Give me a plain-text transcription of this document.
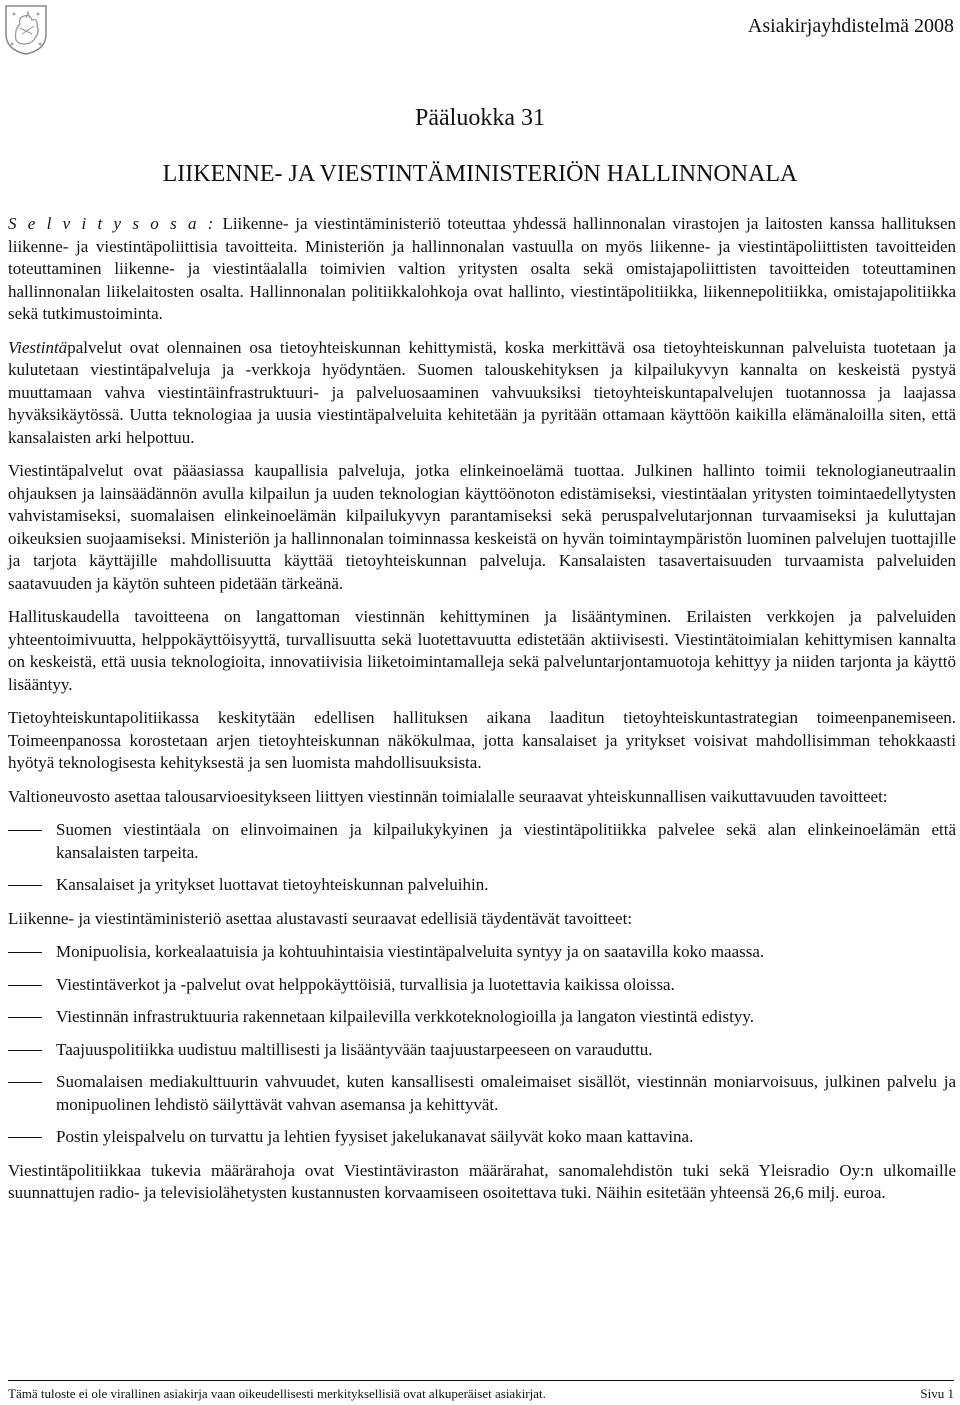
Asiakirjayhdistelmä 2008
Pääluokka 31
LIIKENNE- JA VIESTINTÄMINISTERIÖN HALLINNONALA

S e l v i t y s o s a : Liikenne- ja viestintäministeriö toteuttaa yhdessä hallinnonalan virastojen ja laitosten kanssa hallituksen liikenne- ja viestintäpoliittisia tavoitteita. Ministeriön ja hallinnonalan vastuulla on myös liikenne- ja viestintäpoliittisten tavoitteiden toteuttaminen liikenne- ja viestintäalalla toimivien valtion yritysten osalta sekä omistajapoliittisten tavoitteiden toteuttaminen hallinnonalan liikelaitosten osalta. Hallinnonalan politiikkalohkoja ovat hallinto, viestintäpolitiikka, liikennepolitiikka, omistajapolitiikka sekä tutkimustoiminta.

Viestintäpalvelut ovat olennainen osa tietoyhteiskunnan kehittymistä, koska merkittävä osa tietoyhteiskunnan palveluista tuotetaan ja kulutetaan viestintäpalveluja ja -verkkoja hyödyntäen. Suomen talouskehityksen ja kilpailukyvyn kannalta on keskeistä pystyä muuttamaan vahva viestintäinfrastruktuuri- ja palveluosaaminen vahvuuksiksi tietoyhteiskuntapalvelujen tuotannossa ja laajassa hyväksikäytössä. Uutta teknologiaa ja uusia viestintäpalveluita kehitetään ja pyritään ottamaan käyttöön kaikilla elämänaloilla siten, että kansalaisten arki helpottuu.

Viestintäpalvelut ovat pääasiassa kaupallisia palveluja, jotka elinkeinoelämä tuottaa. Julkinen hallinto toimii teknologianeutraalin ohjauksen ja lainsäädännön avulla kilpailun ja uuden teknologian käyttöönoton edistämiseksi, viestintäalan yritysten toimintaedellytysten vahvistamiseksi, suomalaisen elinkeinoelämän kilpailukyvyn parantamiseksi sekä peruspalvelutarjonnan turvaamiseksi ja kuluttajan oikeuksien suojaamiseksi. Ministeriön ja hallinnonalan toiminnassa keskeistä on hyvän toimintaympäristön luominen palvelujen tuottajille ja tarjota käyttäjille mahdollisuutta käyttää tietoyhteiskunnan palveluja. Kansalaisten tasavertaisuuden turvaamista palveluiden saatavuuden ja käytön suhteen pidetään tärkeänä.

Hallituskaudella tavoitteena on langattoman viestinnän kehittyminen ja lisääntyminen. Erilaisten verkkojen ja palveluiden yhteentoimivuutta, helppokäyttöisyyttä, turvallisuutta sekä luotettavuutta edistetään aktiivisesti. Viestintätoimialan kehittymisen kannalta on keskeistä, että uusia teknologioita, innovatiivisia liiketoimintamalleja sekä palveluntarjontamuotoja kehittyy ja niiden tarjonta ja käyttö lisääntyy.

Tietoyhteiskuntapolitiikassa keskitytään edellisen hallituksen aikana laaditun tietoyhteiskuntastrategian toimeenpanemiseen. Toimeenpanossa korostetaan arjen tietoyhteiskunnan näkökulmaa, jotta kansalaiset ja yritykset voisivat mahdollisimman tehokkaasti hyötyä teknologisesta kehityksestä ja sen luomista mahdollisuuksista.

Valtioneuvosto asettaa talousarvioesitykseen liittyen viestinnän toimialalle seuraavat yhteiskunnallisen vaikuttavuuden tavoitteet:

Suomen viestintäala on elinvoimainen ja kilpailukykyinen ja viestintäpolitiikka palvelee sekä alan elinkeinoelämän että kansalaisten tarpeita.
Kansalaiset ja yritykset luottavat tietoyhteiskunnan palveluihin.

Liikenne- ja viestintäministeriö asettaa alustavasti seuraavat edellisiä täydentävät tavoitteet:

Monipuolisia, korkealaatuisia ja kohtuuhintaisia viestintäpalveluita syntyy ja on saatavilla koko maassa.
Viestintäverkot ja -palvelut ovat helppokäyttöisiä, turvallisia ja luotettavia kaikissa oloissa.
Viestinnän infrastruktuuria rakennetaan kilpailevilla verkkoteknologioilla ja langaton viestintä edistyy.
Taajuuspolitiikka uudistuu maltillisesti ja lisääntyvään taajuustarpeeseen on varauduttu.
Suomalaisen mediakulttuurin vahvuudet, kuten kansallisesti omaleimaiset sisällöt, viestinnän moniarvoisuus, julkinen palvelu ja monipuolinen lehdistö säilyttävät vahvan asemansa ja kehittyvät.
Postin yleispalvelu on turvattu ja lehtien fyysiset jakelukanavat säilyvät koko maan kattavina.

Viestintäpolitiikkaa tukevia määrärahoja ovat Viestintäviraston määrärahat, sanomalehdistön tuki sekä Yleisradio Oy:n ulkomaille suunnattujen radio- ja televisiolähetysten kustannusten korvaamiseen osoitettava tuki. Näihin esitetään yhteensä 26,6 milj. euroa.

Tämä tuloste ei ole virallinen asiakirja vaan oikeudellisesti merkityksellisiä ovat alkuperäiset asiakirjat.	Sivu 1
